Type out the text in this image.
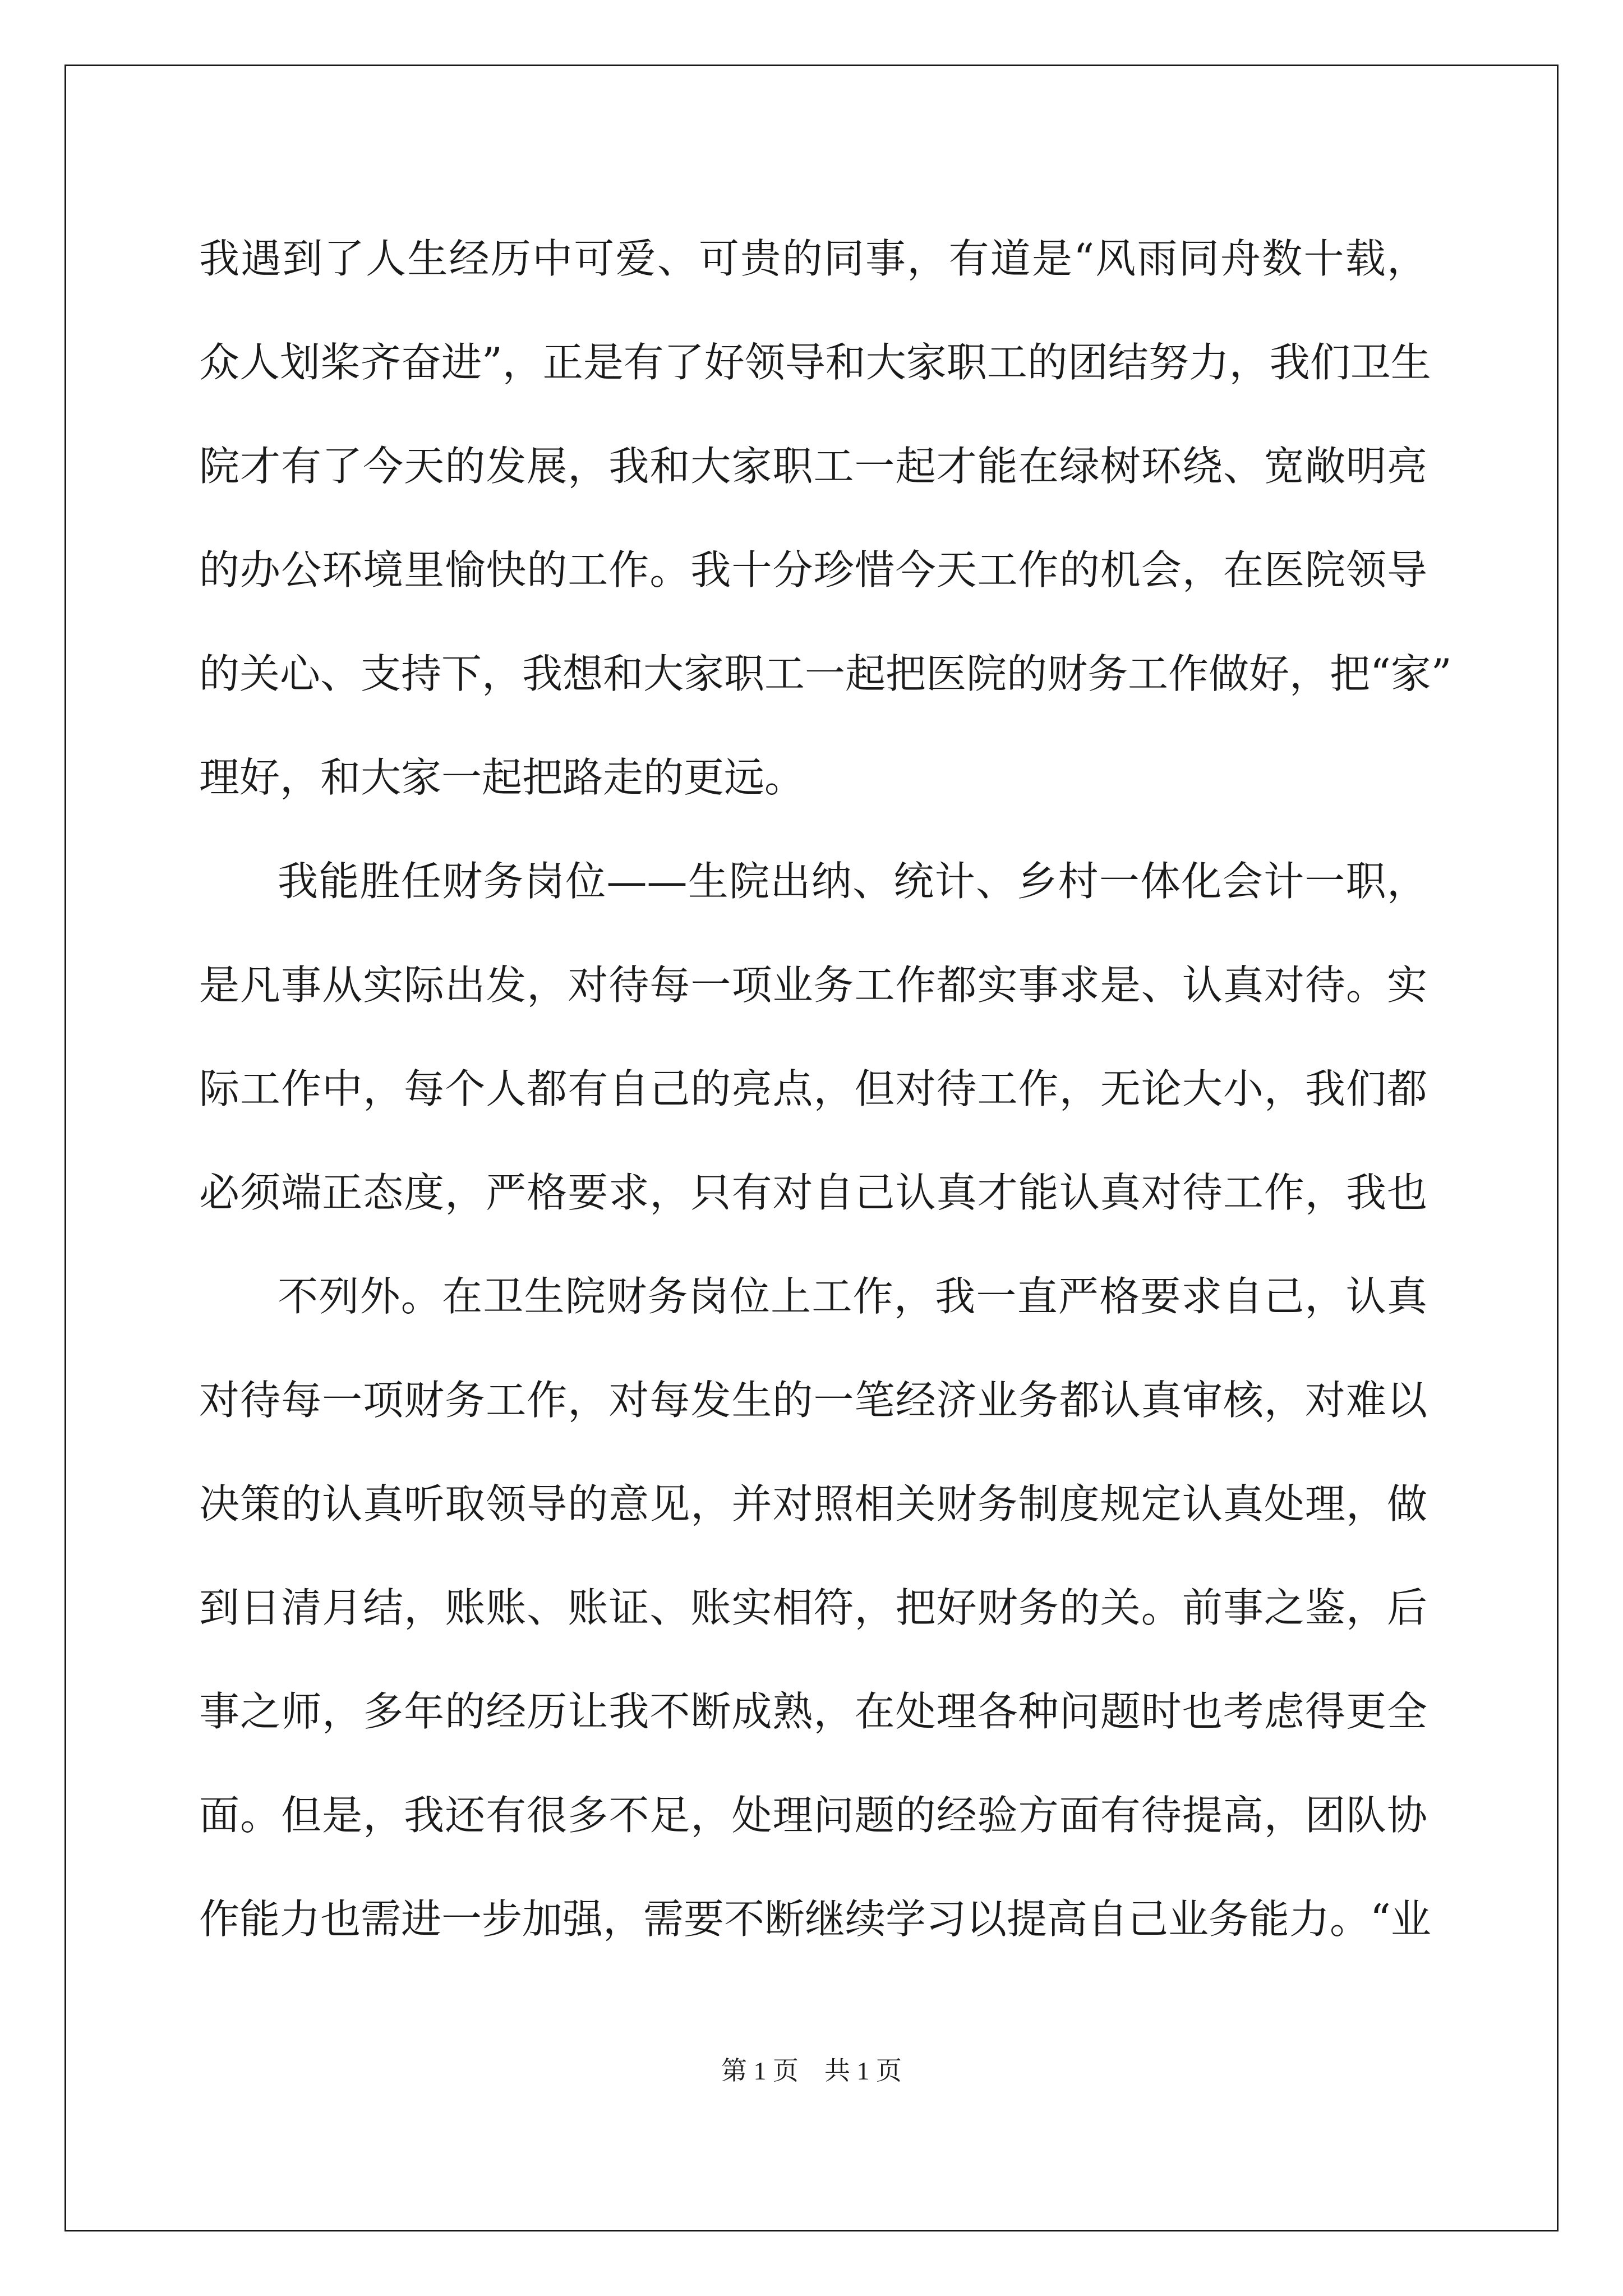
我遇到了人生经历中可爱、可贵的同事，有道是“风雨同舟数十载，

众人划桨齐奋进”，正是有了好领导和大家职工的团结努力，我们卫生

院才有了今天的发展，我和大家职工一起才能在绿树环绕、宽敞明亮

的办公环境里愉快的工作。我十分珍惜今天工作的机会，在医院领导

的关心、支持下，我想和大家职工一起把医院的财务工作做好，把“家”

理好，和大家一起把路走的更远。

我能胜任财务岗位——生院出纳、统计、乡村一体化会计一职，

是凡事从实际出发，对待每一项业务工作都实事求是、认真对待。实

际工作中，每个人都有自己的亮点，但对待工作，无论大小，我们都

必须端正态度，严格要求，只有对自己认真才能认真对待工作，我也

不列外。在卫生院财务岗位上工作，我一直严格要求自己，认真

对待每一项财务工作，对每发生的一笔经济业务都认真审核，对难以

决策的认真听取领导的意见，并对照相关财务制度规定认真处理，做

到日清月结，账账、账证、账实相符，把好财务的关。前事之鉴，后

事之师，多年的经历让我不断成熟，在处理各种问题时也考虑得更全

面。但是，我还有很多不足，处理问题的经验方面有待提高，团队协

作能力也需进一步加强，需要不断继续学习以提高自己业务能力。“业

第 1 页    共 1 页
